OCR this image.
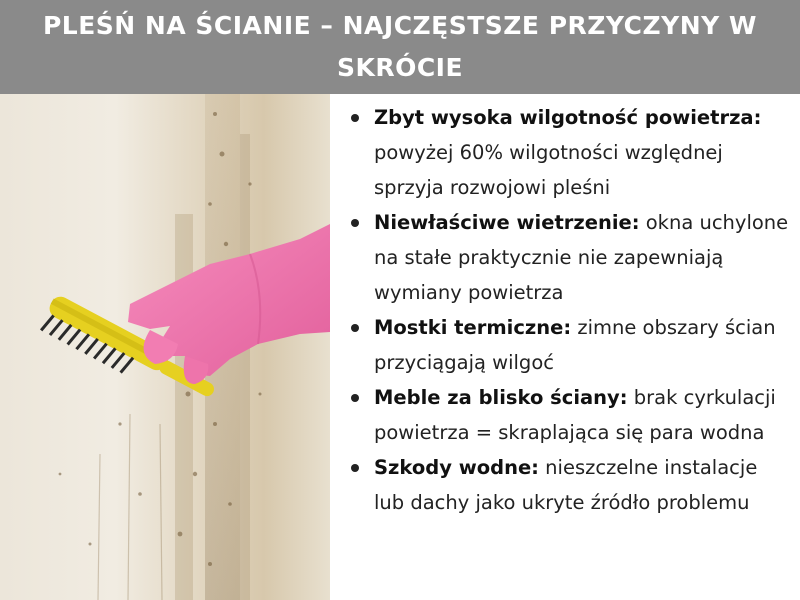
PLEŚŃ NA ŚCIANIE – NAJCZĘSTSZE PRZYCZYNY W SKRÓCIE
Zbyt wysoka wilgotność powietrza: powyżej 60% wilgotności względnej sprzyja rozwojowi pleśni
Niewłaściwe wietrzenie: okna uchylone na stałe praktycznie nie zapewniają wymiany powietrza
Mostki termiczne: zimne obszary ścian przyciągają wilgoć
Meble za blisko ściany: brak cyrkulacji powietrza = skraplająca się para wodna
Szkody wodne: nieszczelne instalacje lub dachy jako ukryte źródło problemu
